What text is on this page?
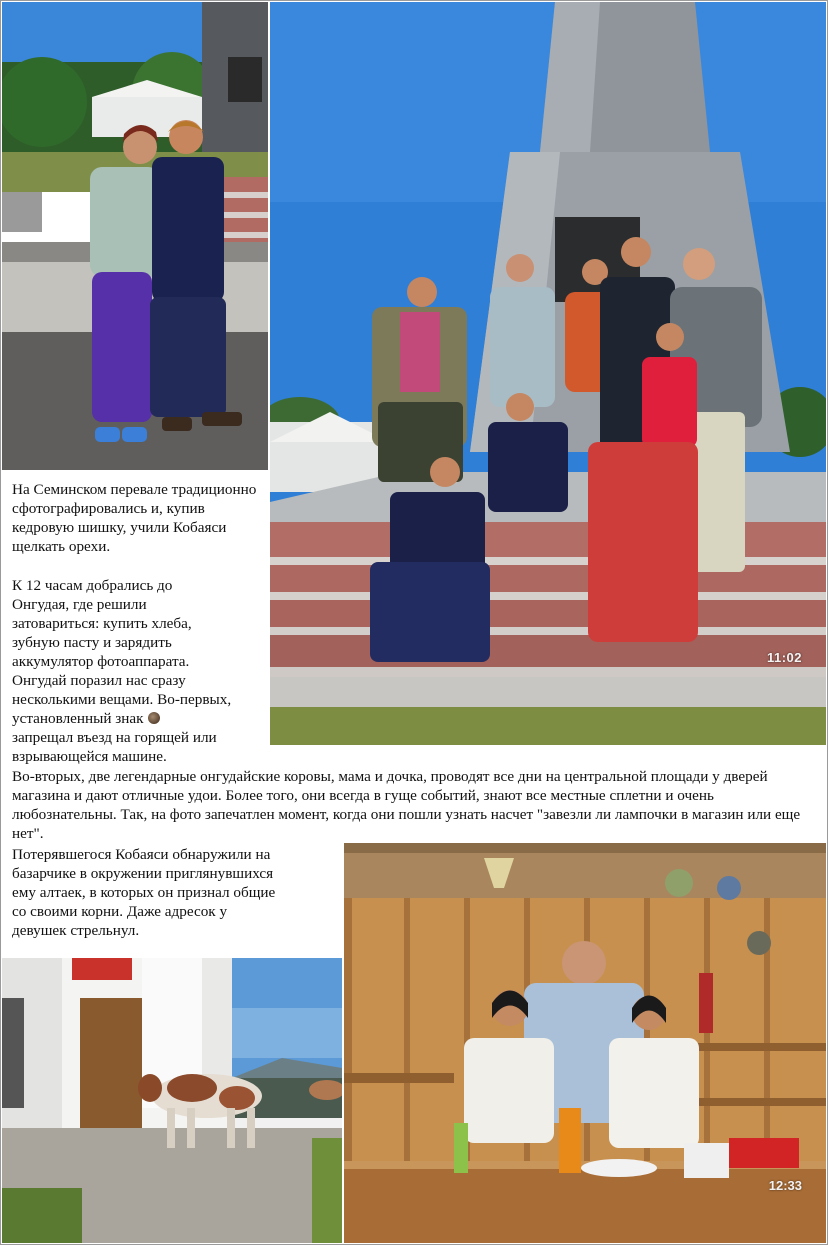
11:02
На Семинском перевале традиционно сфотографировались и, купив кедровую шишку, учили Кобаяси щелкать орехи.
К 12 часам добрались до
Онгудая, где решили
затовариться: купить хлеба,
зубную пасту и зарядить
аккумулятор фотоаппарата.
Онгудай поразил нас сразу
несколькими вещами. Во-первых,
установленный знак
запрещал въезд на горящей или
взрывающейся машине.
Во-вторых, две легендарные онгудайские коровы, мама и дочка, проводят все дни на центральной площади у дверей магазина и дают отличные удои. Более того, они всегда в гуще событий, знают все местные сплетни и очень любознательны. Так, на фото запечатлен момент, когда они пошли узнать насчет "завезли ли лампочки в магазин или еще нет".
Потерявшегося Кобаяси обнаружили на
базарчике в окружении приглянувшихся
ему алтаек, в которых он признал общие
со своими корни. Даже адресок у
девушек стрельнул.
12:33
